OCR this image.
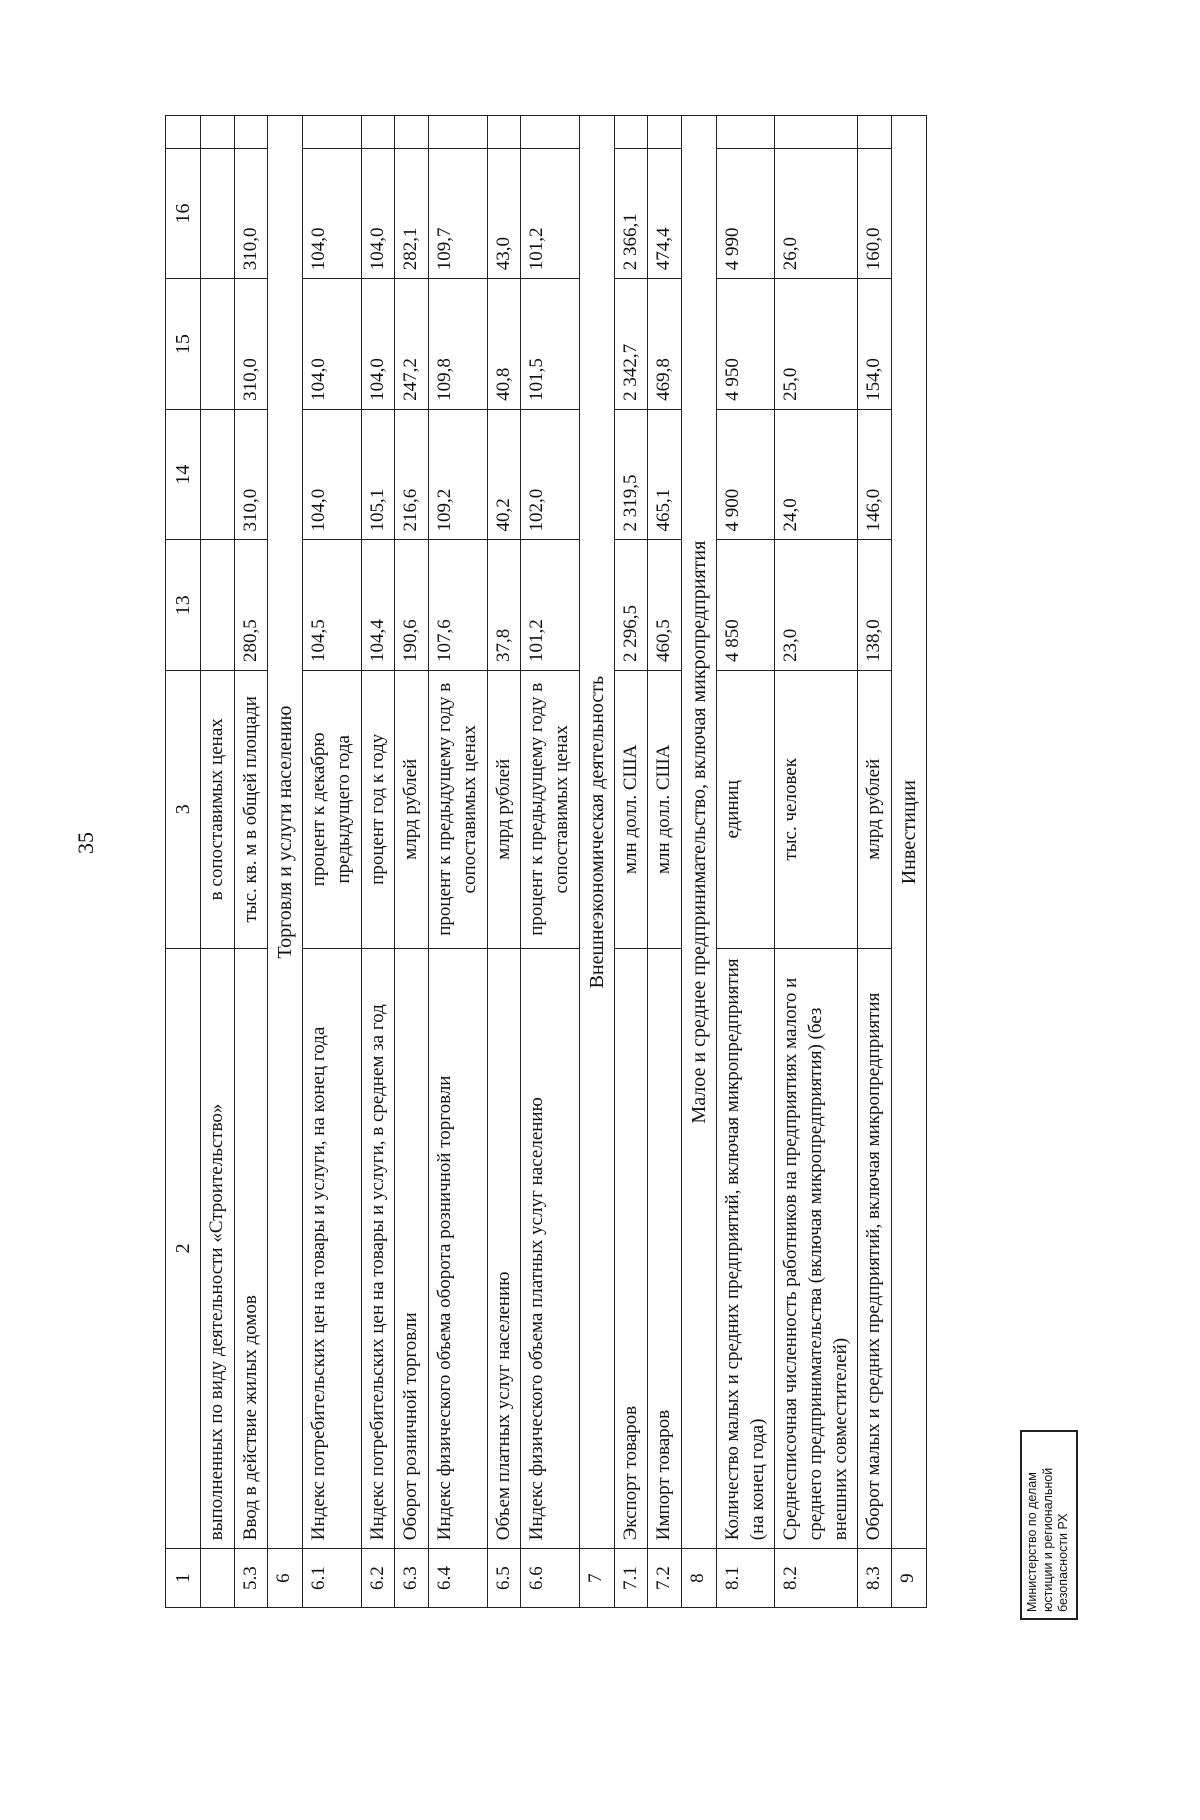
35
1	2	3	13	14	15	16	
	выполненных по виду деятельности «Строительство»	в сопоставимых ценах					
5.3	Ввод в действие жилых домов	тыс. кв. м в общей площади	280,5	310,0	310,0	310,0	
6	Торговля и услуги населению						
6.1	Индекс потребительских цен на товары и услуги, на конец года	процент к декабрю предыдущего года	104,5	104,0	104,0	104,0	
6.2	Индекс потребительских цен на товары и услуги, в среднем за год	процент год к году	104,4	105,1	104,0	104,0	
6.3	Оборот розничной торговли	млрд рублей	190,6	216,6	247,2	282,1	
6.4	Индекс физического объема оборота розничной торговли	процент к предыдущему году в сопоставимых ценах	107,6	109,2	109,8	109,7	
6.5	Объем платных услуг населению	млрд рублей	37,8	40,2	40,8	43,0	
6.6	Индекс физического объема платных услуг населению	процент к предыдущему году в сопоставимых ценах	101,2	102,0	101,5	101,2	
7	Внешнеэкономическая деятельность						
7.1	Экспорт товаров	млн долл. США	2 296,5	2 319,5	2 342,7	2 366,1	
7.2	Импорт товаров	млн долл. США	460,5	465,1	469,8	474,4	
8	Малое и среднее предпринимательство, включая микропредприятия						
8.1	Количество малых и средних предприятий, включая микропредприятия (на конец года)	единиц	4 850	4 900	4 950	4 990	
8.2	Среднесписочная численность работников на предприятиях малого и среднего предпринимательства (включая микропредприятия) (без внешних совместителей)	тыс. человек	23,0	24,0	25,0	26,0	
8.3	Оборот малых и средних предприятий, включая микропредприятия	млрд рублей	138,0	146,0	154,0	160,0	
9	Инвестиции						
Министерство по делам юстиции и региональной безопасности РХ
